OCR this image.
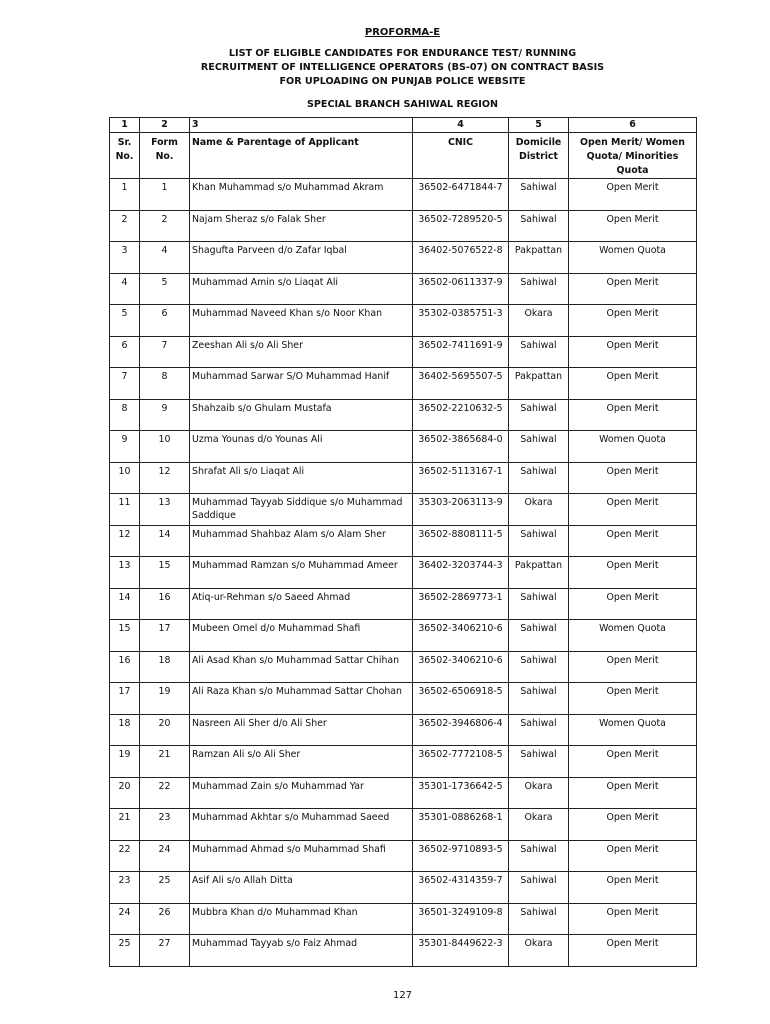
PROFORMA-E
LIST OF ELIGIBLE CANDIDATES FOR ENDURANCE TEST/ RUNNING
RECRUITMENT OF INTELLIGENCE OPERATORS (BS-07) ON CONTRACT BASIS
FOR UPLOADING ON PUNJAB POLICE WEBSITE
SPECIAL BRANCH SAHIWAL REGION
1	2	3	4	5	6
Sr. No.	Form No.	Name & Parentage of Applicant	CNIC	Domicile District	Open Merit/ Women Quota/ Minorities Quota
1	1	Khan Muhammad s/o Muhammad Akram	36502-6471844-7	Sahiwal	Open Merit
2	2	Najam Sheraz s/o Falak Sher	36502-7289520-5	Sahiwal	Open Merit
3	4	Shagufta Parveen d/o Zafar Iqbal	36402-5076522-8	Pakpattan	Women Quota
4	5	Muhammad Amin s/o Liaqat Ali	36502-0611337-9	Sahiwal	Open Merit
5	6	Muhammad Naveed Khan s/o Noor Khan	35302-0385751-3	Okara	Open Merit
6	7	Zeeshan Ali s/o Ali Sher	36502-7411691-9	Sahiwal	Open Merit
7	8	Muhammad Sarwar S/O Muhammad Hanif	36402-5695507-5	Pakpattan	Open Merit
8	9	Shahzaib s/o Ghulam Mustafa	36502-2210632-5	Sahiwal	Open Merit
9	10	Uzma Younas d/o Younas Ali	36502-3865684-0	Sahiwal	Women Quota
10	12	Shrafat Ali s/o Liaqat Ali	36502-5113167-1	Sahiwal	Open Merit
11	13	Muhammad Tayyab Siddique s/o Muhammad Saddique	35303-2063113-9	Okara	Open Merit
12	14	Muhammad Shahbaz Alam s/o Alam Sher	36502-8808111-5	Sahiwal	Open Merit
13	15	Muhammad Ramzan s/o Muhammad Ameer	36402-3203744-3	Pakpattan	Open Merit
14	16	Atiq-ur-Rehman s/o Saeed Ahmad	36502-2869773-1	Sahiwal	Open Merit
15	17	Mubeen Omel d/o Muhammad Shafi	36502-3406210-6	Sahiwal	Women Quota
16	18	Ali Asad Khan s/o Muhammad Sattar Chihan	36502-3406210-6	Sahiwal	Open Merit
17	19	Ali Raza Khan s/o Muhammad Sattar Chohan	36502-6506918-5	Sahiwal	Open Merit
18	20	Nasreen Ali Sher d/o Ali Sher	36502-3946806-4	Sahiwal	Women Quota
19	21	Ramzan Ali s/o Ali Sher	36502-7772108-5	Sahiwal	Open Merit
20	22	Muhammad Zain s/o Muhammad Yar	35301-1736642-5	Okara	Open Merit
21	23	Muhammad Akhtar s/o Muhammad Saeed	35301-0886268-1	Okara	Open Merit
22	24	Muhammad Ahmad s/o Muhammad Shafi	36502-9710893-5	Sahiwal	Open Merit
23	25	Asif Ali s/o Allah Ditta	36502-4314359-7	Sahiwal	Open Merit
24	26	Mubbra Khan d/o Muhammad Khan	36501-3249109-8	Sahiwal	Open Merit
25	27	Muhammad Tayyab s/o Faiz Ahmad	35301-8449622-3	Okara	Open Merit
127
